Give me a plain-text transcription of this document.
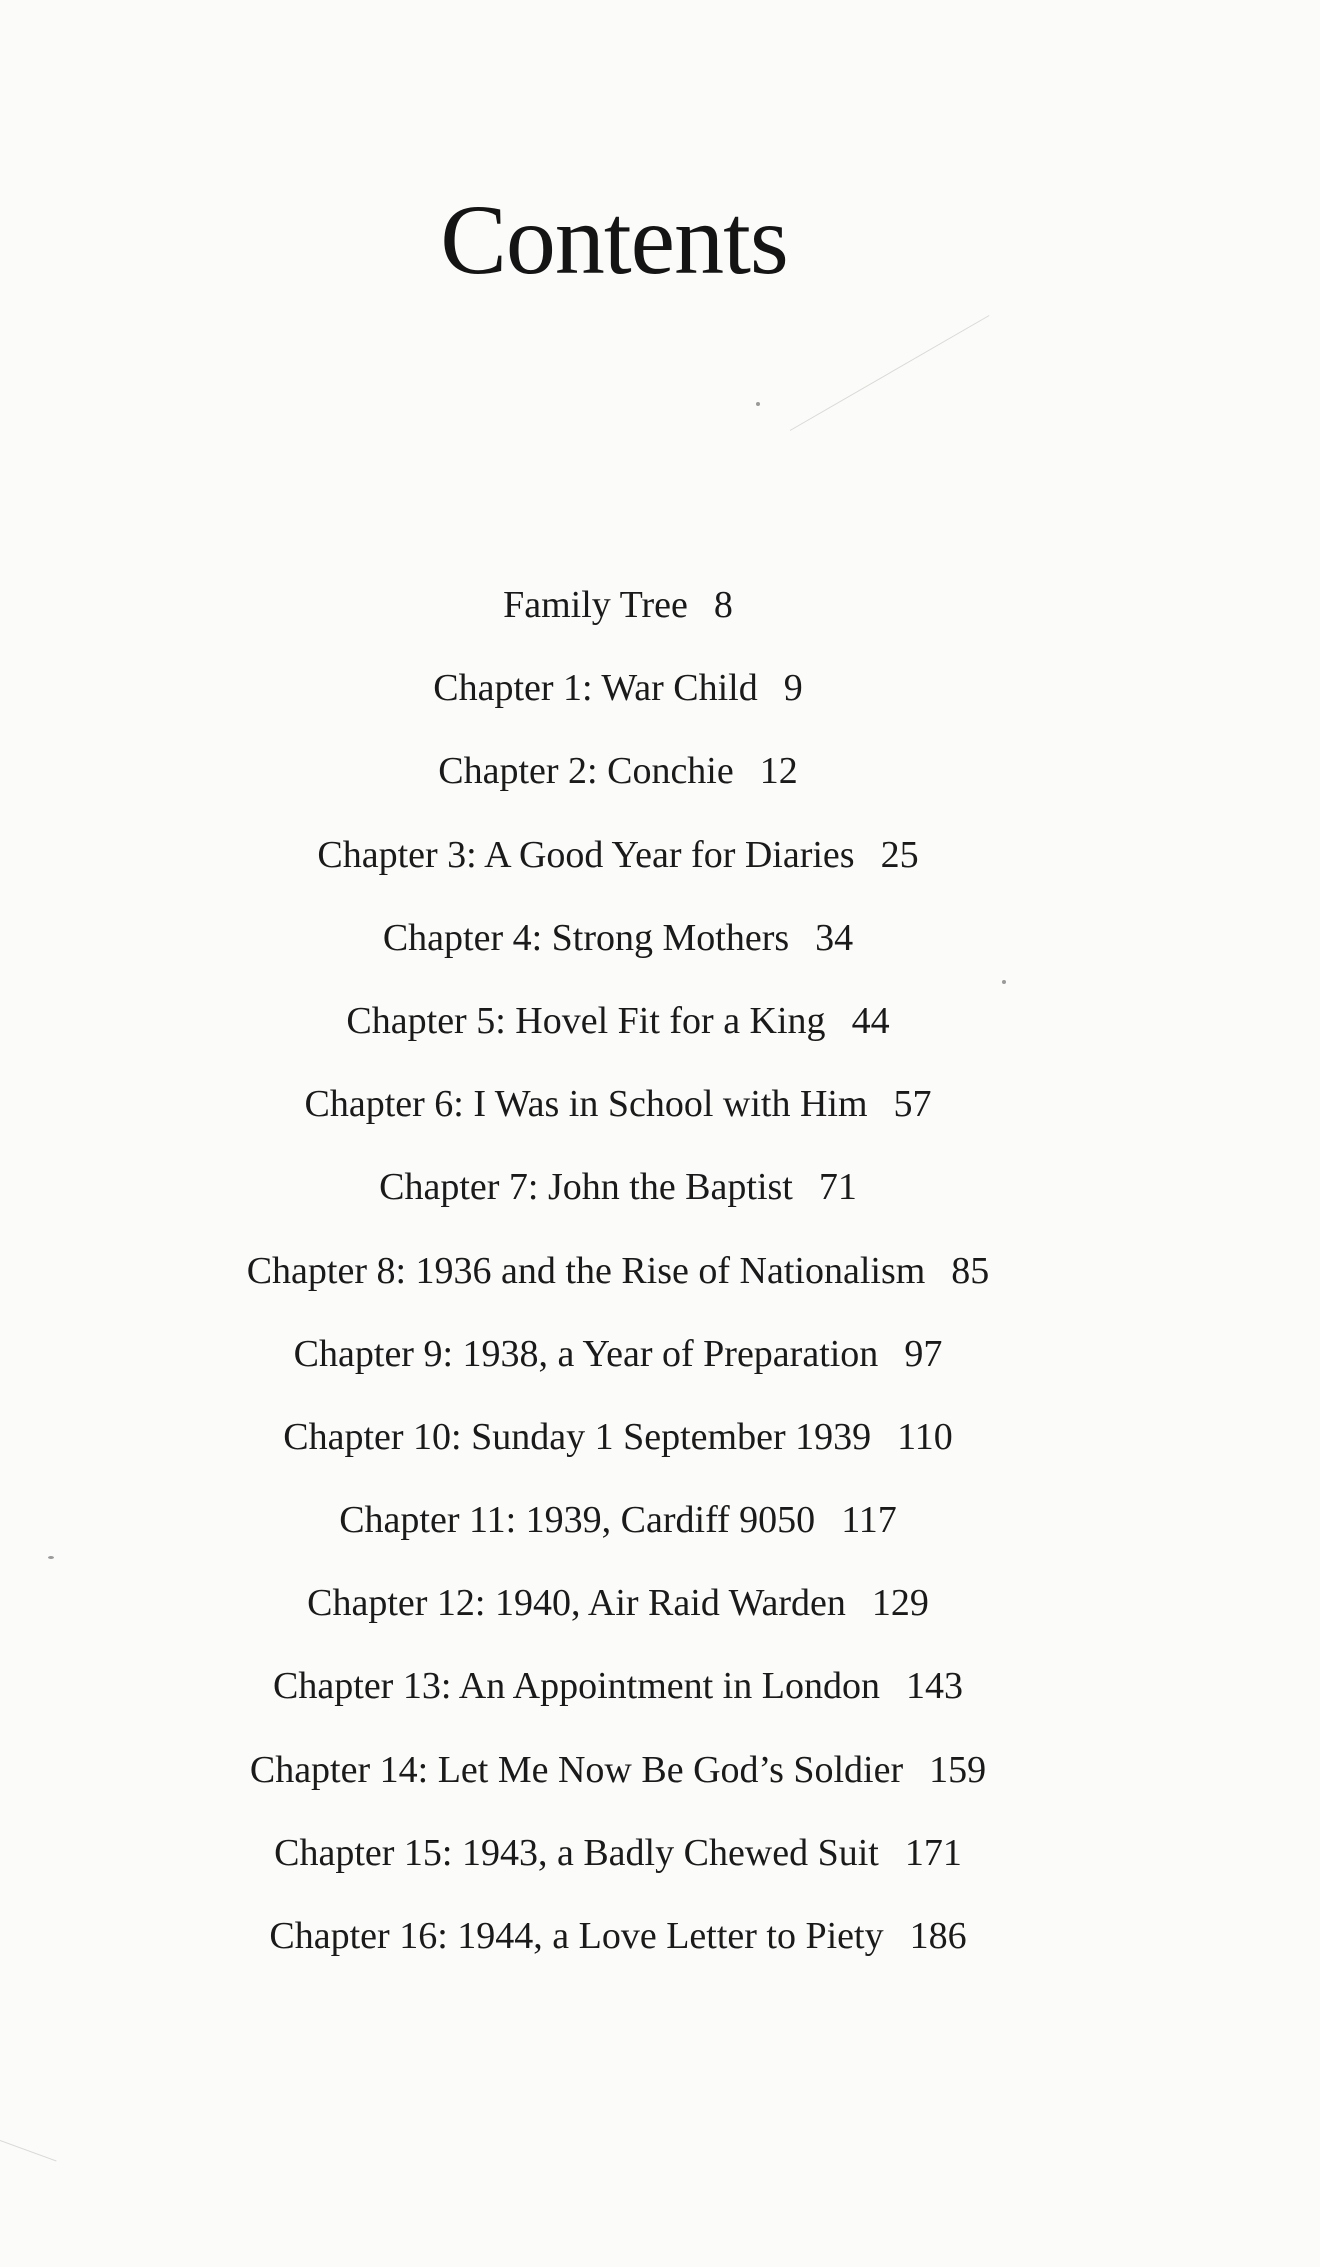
Contents
Family Tree 8
Chapter 1: War Child 9
Chapter 2: Conchie 12
Chapter 3: A Good Year for Diaries 25
Chapter 4: Strong Mothers 34
Chapter 5: Hovel Fit for a King 44
Chapter 6: I Was in School with Him 57
Chapter 7: John the Baptist 71
Chapter 8: 1936 and the Rise of Nationalism 85
Chapter 9: 1938, a Year of Preparation 97
Chapter 10: Sunday 1 September 1939 110
Chapter 11: 1939, Cardiff 9050 117
Chapter 12: 1940, Air Raid Warden 129
Chapter 13: An Appointment in London 143
Chapter 14: Let Me Now Be God’s Soldier 159
Chapter 15: 1943, a Badly Chewed Suit 171
Chapter 16: 1944, a Love Letter to Piety 186
